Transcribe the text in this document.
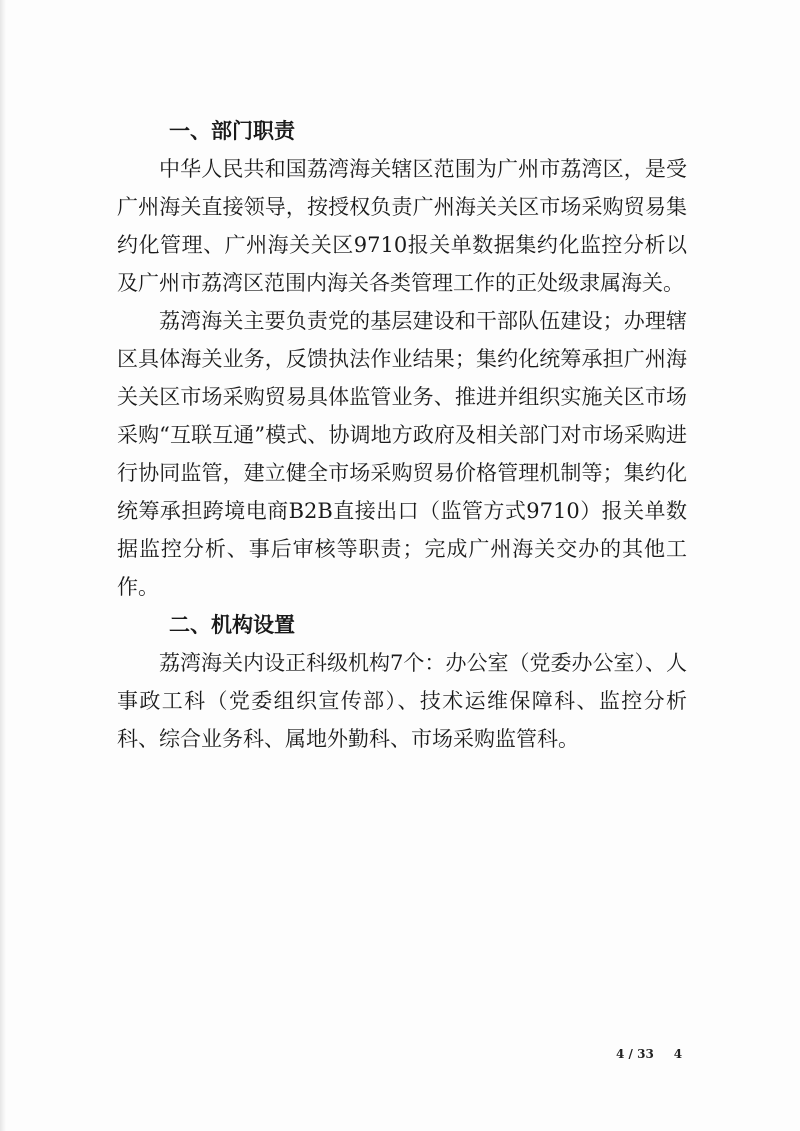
一、部门职责

中华人民共和国荔湾海关辖区范围为广州市荔湾区，是受广州海关直接领导，按授权负责广州海关关区市场采购贸易集约化管理、广州海关关区9710报关单数据集约化监控分析以及广州市荔湾区范围内海关各类管理工作的正处级隶属海关。

荔湾海关主要负责党的基层建设和干部队伍建设；办理辖区具体海关业务，反馈执法作业结果；集约化统筹承担广州海关关区市场采购贸易具体监管业务、推进并组织实施关区市场采购“互联互通”模式、协调地方政府及相关部门对市场采购进行协同监管，建立健全市场采购贸易价格管理机制等；集约化统筹承担跨境电商B2B直接出口（监管方式9710）报关单数据监控分析、事后审核等职责；完成广州海关交办的其他工作。

二、机构设置

荔湾海关内设正科级机构7个：办公室（党委办公室）、人事政工科（党委组织宣传部）、技术运维保障科、监控分析科、综合业务科、属地外勤科、市场采购监管科。

4 / 33 4
